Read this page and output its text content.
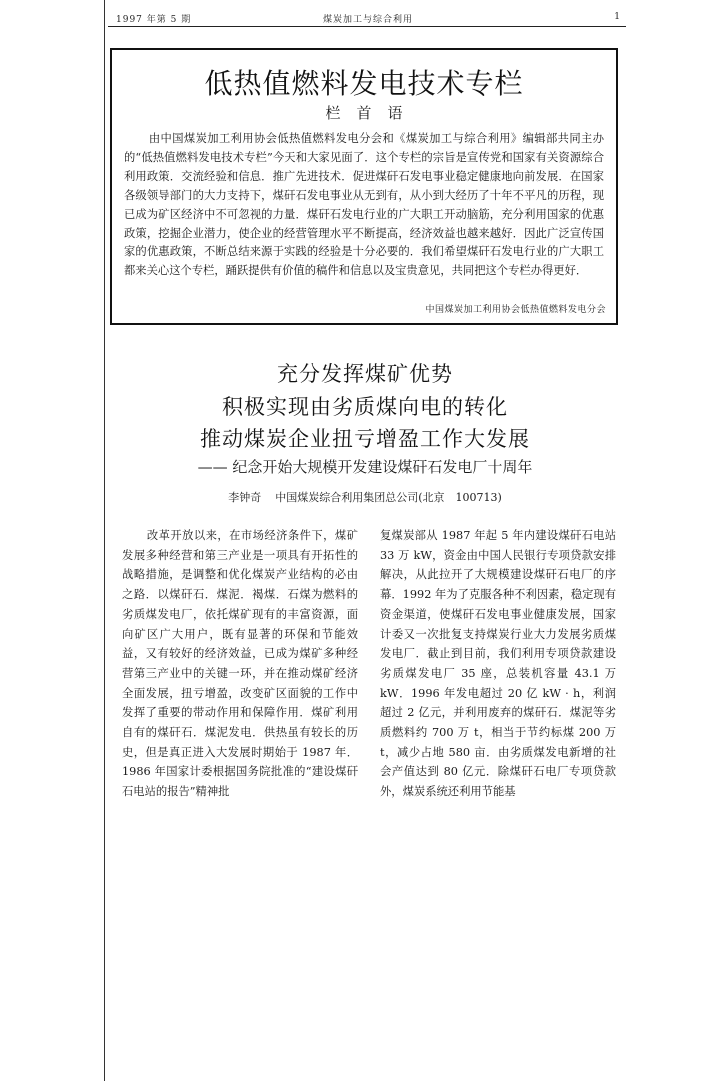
1997 年第 5 期	煤炭加工与综合利用	1
低热值燃料发电技术专栏
栏首语

由中国煤炭加工利用协会低热值燃料发电分会和《煤炭加工与综合利用》编辑部共同主办的“低热值燃料发电技术专栏”今天和大家见面了．这个专栏的宗旨是宣传党和国家有关资源综合利用政策．交流经验和信息．推广先进技术．促进煤矸石发电事业稳定健康地向前发展．在国家各级领导部门的大力支持下，煤矸石发电事业从无到有，从小到大经历了十年不平凡的历程，现已成为矿区经济中不可忽视的力量．煤矸石发电行业的广大职工开动脑筋，充分利用国家的优惠政策，挖掘企业潜力，使企业的经营管理水平不断提高，经济效益也越来越好．因此广泛宣传国家的优惠政策，不断总结来源于实践的经验是十分必要的．我们希望煤矸石发电行业的广大职工都来关心这个专栏，踊跃提供有价值的稿件和信息以及宝贵意见，共同把这个专栏办得更好．

中国煤炭加工利用协会低热值燃料发电分会
充分发挥煤矿优势
积极实现由劣质煤向电的转化
推动煤炭企业扭亏增盈工作大发展
—— 纪念开始大规模开发建设煤矸石发电厂十周年
李钟奇 中国煤炭综合利用集团总公司(北京　100713)

改革开放以来，在市场经济条件下，煤矿发展多种经营和第三产业是一项具有开拓性的战略措施，是调整和优化煤炭产业结构的必由之路．以煤矸石．煤泥．褐煤．石煤为燃料的劣质煤发电厂，依托煤矿现有的丰富资源，面向矿区广大用户，既有显著的环保和节能效益，又有较好的经济效益，已成为煤矿多种经营第三产业中的关键一环，并在推动煤矿经济全面发展，扭亏增盈，改变矿区面貌的工作中发挥了重要的带动作用和保障作用．煤矿利用自有的煤矸石．煤泥发电．供热虽有较长的历史，但是真正进入大发展时期始于 1987 年．1986 年国家计委根据国务院批准的“建设煤矸石电站的报告”精神批

复煤炭部从 1987 年起 5 年内建设煤矸石电站 33 万 kW，资金由中国人民银行专项贷款安排解决，从此拉开了大规模建设煤矸石电厂的序幕．1992 年为了克服各种不利因素，稳定现有资金渠道，使煤矸石发电事业健康发展，国家计委又一次批复支持煤炭行业大力发展劣质煤发电厂．截止到目前，我们利用专项贷款建设劣质煤发电厂 35 座，总装机容量 43.1 万 kW．1996 年发电超过 20 亿 kW · h，利润超过 2 亿元，并利用废弃的煤矸石．煤泥等劣质燃料约 700 万 t，相当于节约标煤 200 万 t，减少占地 580 亩．由劣质煤发电新增的社会产值达到 80 亿元．除煤矸石电厂专项贷款外，煤炭系统还利用节能基
